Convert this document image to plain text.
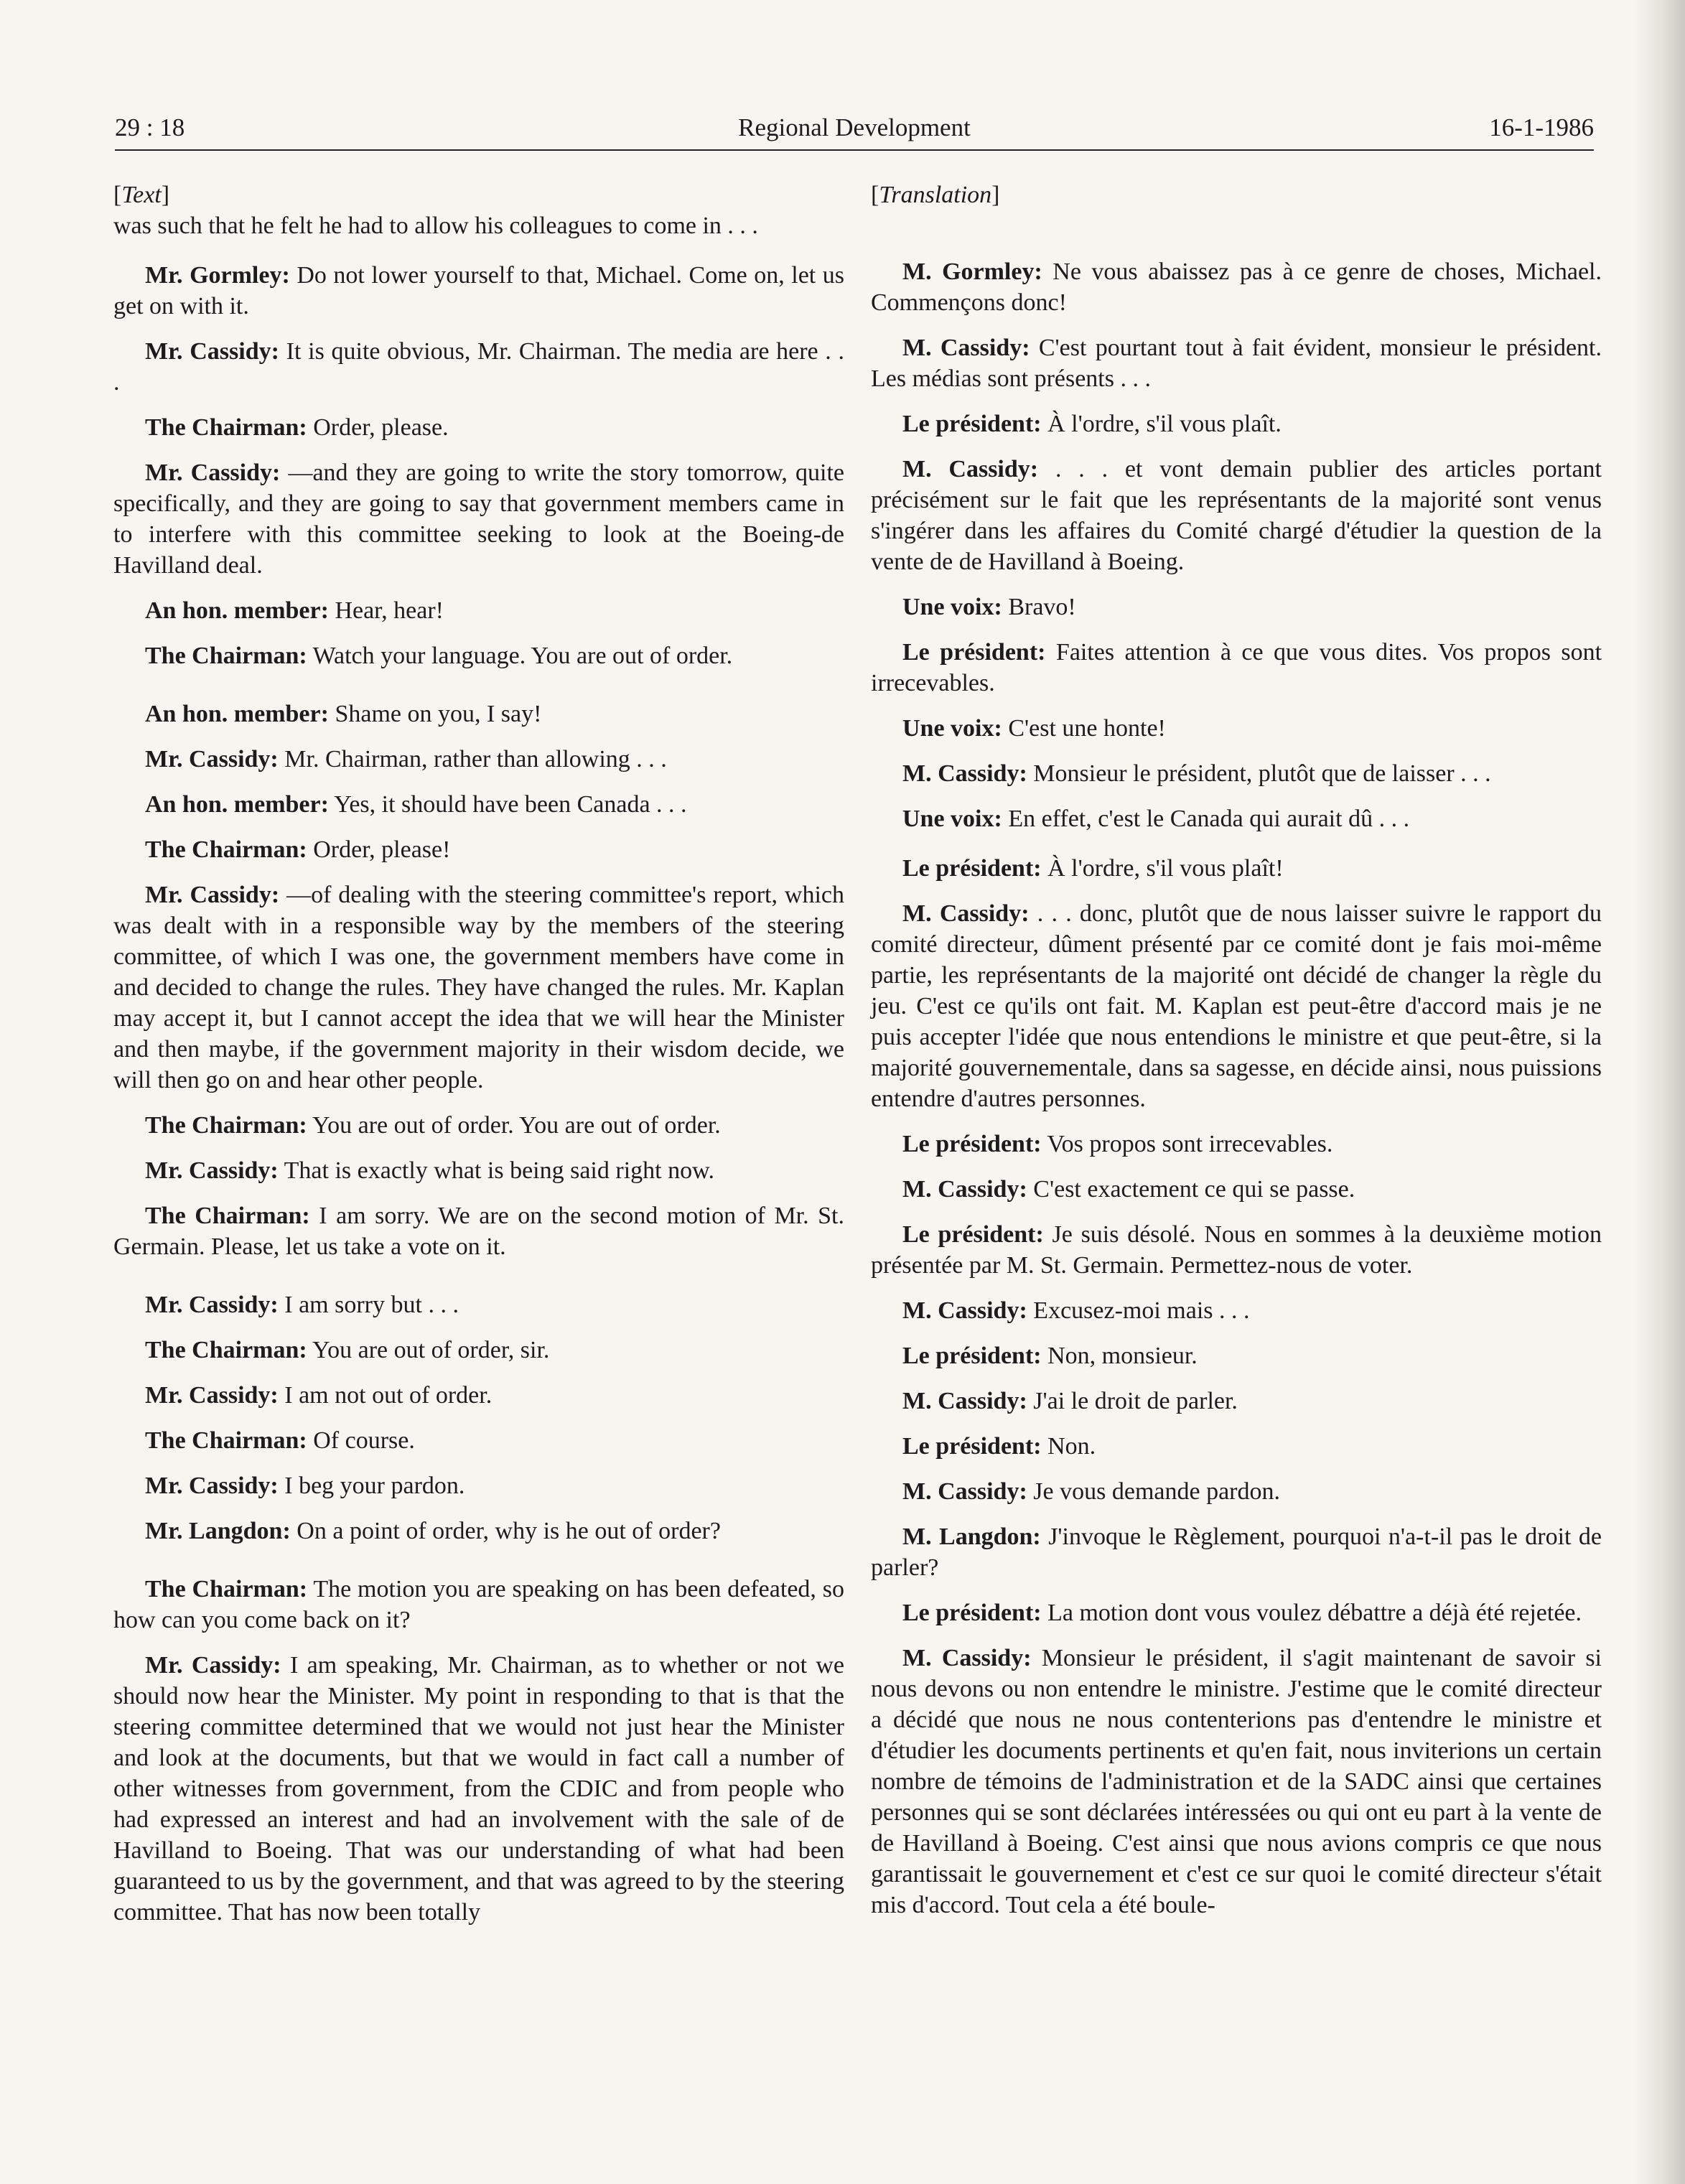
29 : 18	Regional Development	16-1-1986
[Text]

was such that he felt he had to allow his colleagues to come in . . .

Mr. Gormley: Do not lower yourself to that, Michael. Come on, let us get on with it.

Mr. Cassidy: It is quite obvious, Mr. Chairman. The media are here . . .

The Chairman: Order, please.

Mr. Cassidy: —and they are going to write the story tomorrow, quite specifically, and they are going to say that government members came in to interfere with this committee seeking to look at the Boeing-de Havilland deal.

An hon. member: Hear, hear!

The Chairman: Watch your language. You are out of order.

An hon. member: Shame on you, I say!

Mr. Cassidy: Mr. Chairman, rather than allowing . . .

An hon. member: Yes, it should have been Canada . . .

The Chairman: Order, please!

Mr. Cassidy: —of dealing with the steering committee's report, which was dealt with in a responsible way by the members of the steering committee, of which I was one, the government members have come in and decided to change the rules. They have changed the rules. Mr. Kaplan may accept it, but I cannot accept the idea that we will hear the Minister and then maybe, if the government majority in their wisdom decide, we will then go on and hear other people.

The Chairman: You are out of order. You are out of order.

Mr. Cassidy: That is exactly what is being said right now.

The Chairman: I am sorry. We are on the second motion of Mr. St. Germain. Please, let us take a vote on it.

Mr. Cassidy: I am sorry but . . .

The Chairman: You are out of order, sir.

Mr. Cassidy: I am not out of order.

The Chairman: Of course.

Mr. Cassidy: I beg your pardon.

Mr. Langdon: On a point of order, why is he out of order?

The Chairman: The motion you are speaking on has been defeated, so how can you come back on it?

Mr. Cassidy: I am speaking, Mr. Chairman, as to whether or not we should now hear the Minister. My point in responding to that is that the steering committee determined that we would not just hear the Minister and look at the documents, but that we would in fact call a number of other witnesses from government, from the CDIC and from people who had expressed an interest and had an involvement with the sale of de Havilland to Boeing. That was our understanding of what had been guaranteed to us by the government, and that was agreed to by the steering committee. That has now been totally

[Translation]

M. Gormley: Ne vous abaissez pas à ce genre de choses, Michael. Commençons donc!

M. Cassidy: C'est pourtant tout à fait évident, monsieur le président. Les médias sont présents . . .

Le président: À l'ordre, s'il vous plaît.

M. Cassidy: . . . et vont demain publier des articles portant précisément sur le fait que les représentants de la majorité sont venus s'ingérer dans les affaires du Comité chargé d'étudier la question de la vente de de Havilland à Boeing.

Une voix: Bravo!

Le président: Faites attention à ce que vous dites. Vos propos sont irrecevables.

Une voix: C'est une honte!

M. Cassidy: Monsieur le président, plutôt que de laisser . . .

Une voix: En effet, c'est le Canada qui aurait dû . . .

Le président: À l'ordre, s'il vous plaît!

M. Cassidy: . . . donc, plutôt que de nous laisser suivre le rapport du comité directeur, dûment présenté par ce comité dont je fais moi-même partie, les représentants de la majorité ont décidé de changer la règle du jeu. C'est ce qu'ils ont fait. M. Kaplan est peut-être d'accord mais je ne puis accepter l'idée que nous entendions le ministre et que peut-être, si la majorité gouvernementale, dans sa sagesse, en décide ainsi, nous puissions entendre d'autres personnes.

Le président: Vos propos sont irrecevables.

M. Cassidy: C'est exactement ce qui se passe.

Le président: Je suis désolé. Nous en sommes à la deuxième motion présentée par M. St. Germain. Permettez-nous de voter.

M. Cassidy: Excusez-moi mais . . .

Le président: Non, monsieur.

M. Cassidy: J'ai le droit de parler.

Le président: Non.

M. Cassidy: Je vous demande pardon.

M. Langdon: J'invoque le Règlement, pourquoi n'a-t-il pas le droit de parler?

Le président: La motion dont vous voulez débattre a déjà été rejetée.

M. Cassidy: Monsieur le président, il s'agit maintenant de savoir si nous devons ou non entendre le ministre. J'estime que le comité directeur a décidé que nous ne nous contenterions pas d'entendre le ministre et d'étudier les documents pertinents et qu'en fait, nous inviterions un certain nombre de témoins de l'administration et de la SADC ainsi que certaines personnes qui se sont déclarées intéressées ou qui ont eu part à la vente de de Havilland à Boeing. C'est ainsi que nous avions compris ce que nous garantissait le gouvernement et c'est ce sur quoi le comité directeur s'était mis d'accord. Tout cela a été boule-
